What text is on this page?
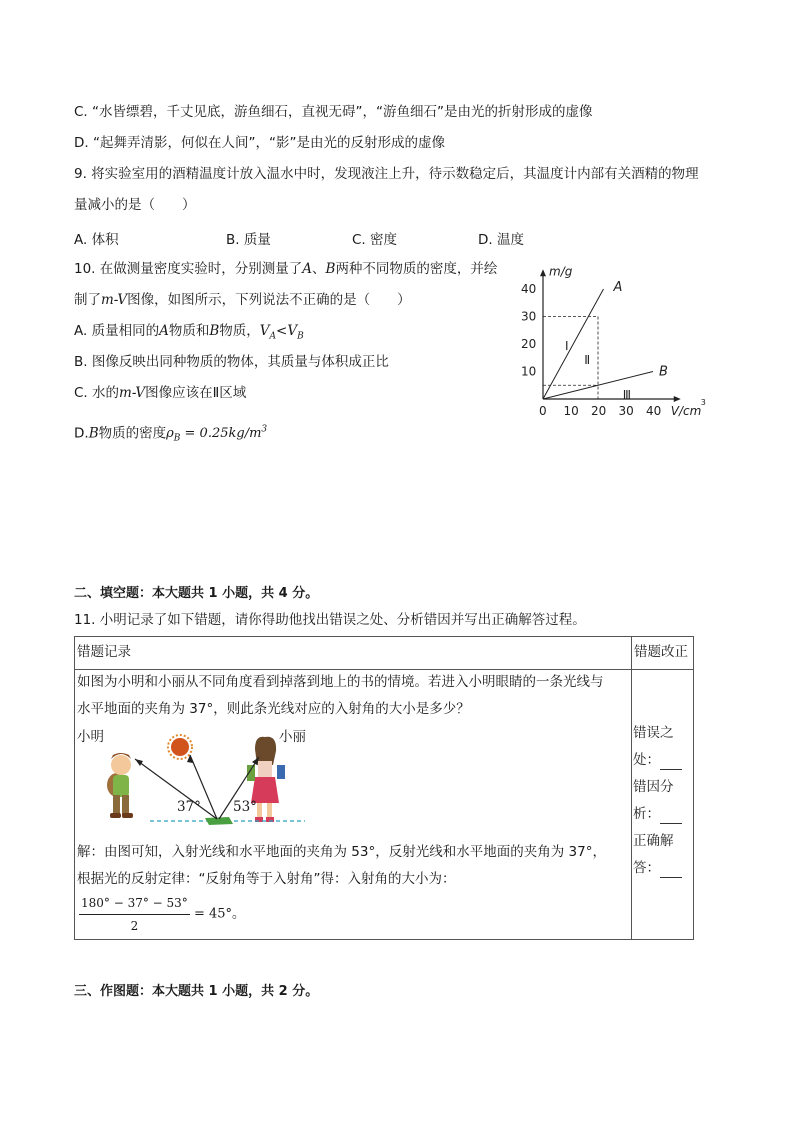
C. “水皆缥碧，千丈见底，游鱼细石，直视无碍”，“游鱼细石”是由光的折射形成的虚像
D. “起舞弄清影，何似在人间”，“影”是由光的反射形成的虚像
9. 将实验室用的酒精温度计放入温水中时，发现液注上升，待示数稳定后，其温度计内部有关酒精的物理
量减小的是（　　）
A. 体积	B. 质量	C. 密度	D. 温度
10. 在做测量密度实验时，分别测量了A、B两种不同物质的密度，并绘
制了m-V图像，如图所示，下列说法不正确的是（　　）
A. 质量相同的A物质和B物质，$V_A<V_B$
B. 图像反映出同种物质的物体，其质量与体积成正比
C. 水的m-V图像应该在Ⅱ区域
D.B物质的密度$\rho_B = 0.25kg/m^3$
m/g
V/cm
3
0 10 20 30 40
10
20
30
40	A
B
Ⅰ
Ⅱ
Ⅲ
二、填空题：本大题共 1 小题，共 4 分。
11. 小明记录了如下错题，请你得助他找出错误之处、分析错因并写出正确解答过程。
错题记录	错题改正
如图为小明和小丽从不同角度看到掉落到地上的书的情境。若进入小明眼睛的一条光线与
水平地面的夹角为 37°，则此条光线对应的入射角的大小是多少？
小明	小丽
37° 53°
解：由图可知，入射光线和水平地面的夹角为 53°，反射光线和水平地面的夹角为 37°，
根据光的反射定律：“反射角等于入射角”得：入射角的大小为：
$\frac{180^\circ - 37^\circ - 53^\circ}{2} = 45^\circ$。
错误之
处：
错因分
析：
正确解
答：
三、作图题：本大题共 1 小题，共 2 分。
